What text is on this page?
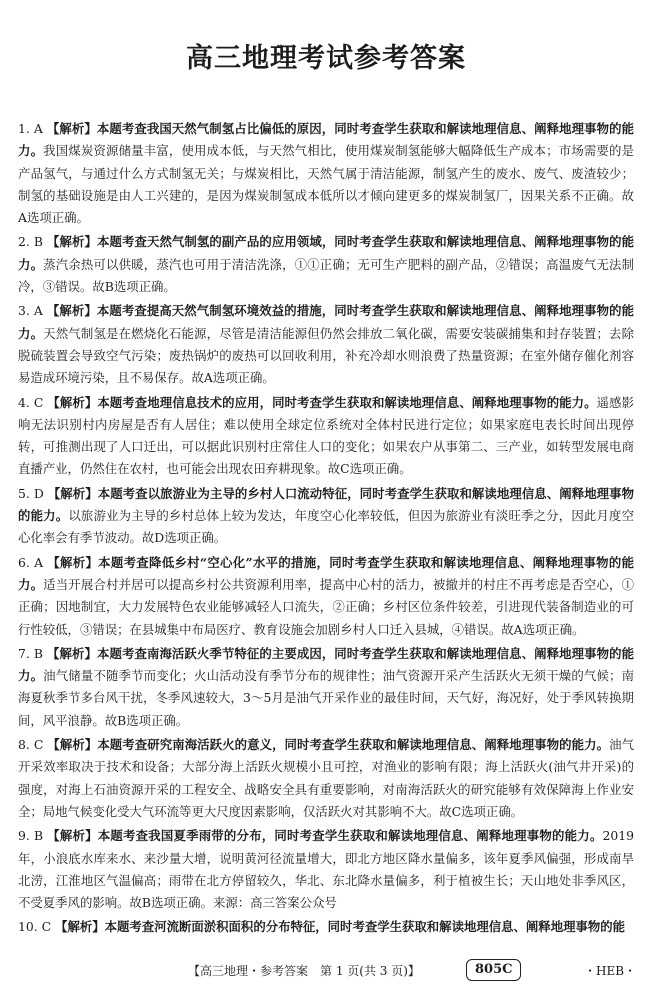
高三地理考试参考答案

1. A 【解析】本题考查我国天然气制氢占比偏低的原因，同时考查学生获取和解读地理信息、阐释地理事物的能力。我国煤炭资源储量丰富，使用成本低，与天然气相比，使用煤炭制氢能够大幅降低生产成本；市场需要的是产品氢气，与通过什么方式制氢无关；与煤炭相比，天然气属于清洁能源，制氢产生的废水、废气、废渣较少；制氢的基础设施是由人工兴建的，是因为煤炭制氢成本低所以才倾向建更多的煤炭制氢厂，因果关系不正确。故A选项正确。

2. B 【解析】本题考查天然气制氢的副产品的应用领域，同时考查学生获取和解读地理信息、阐释地理事物的能力。蒸汽余热可以供暖，蒸汽也可用于清洁洗涤，①①正确；无可生产肥料的副产品，②错误；高温废气无法制冷，③错误。故B选项正确。

3. A 【解析】本题考查提高天然气制氢环境效益的措施，同时考查学生获取和解读地理信息、阐释地理事物的能力。天然气制氢是在燃烧化石能源，尽管是清洁能源但仍然会排放二氧化碳，需要安装碳捕集和封存装置；去除脱硫装置会导致空气污染；废热锅炉的废热可以回收利用，补充冷却水则浪费了热量资源；在室外储存催化剂容易造成环境污染，且不易保存。故A选项正确。

4. C 【解析】本题考查地理信息技术的应用，同时考查学生获取和解读地理信息、阐释地理事物的能力。遥感影响无法识别村内房屋是否有人居住；难以使用全球定位系统对全体村民进行定位；如果家庭电表长时间出现停转，可推测出现了人口迁出，可以据此识别村庄常住人口的变化；如果农户从事第二、三产业，如转型发展电商直播产业，仍然住在农村，也可能会出现农田弃耕现象。故C选项正确。

5. D 【解析】本题考查以旅游业为主导的乡村人口流动特征，同时考查学生获取和解读地理信息、阐释地理事物的能力。以旅游业为主导的乡村总体上较为发达，年度空心化率较低，但因为旅游业有淡旺季之分，因此月度空心化率会有季节波动。故D选项正确。

6. A 【解析】本题考查降低乡村“空心化”水平的措施，同时考查学生获取和解读地理信息、阐释地理事物的能力。适当开展合村并居可以提高乡村公共资源利用率，提高中心村的活力，被撤并的村庄不再考虑是否空心，①正确；因地制宜，大力发展特色农业能够减轻人口流失，②正确；乡村区位条件较差，引进现代装备制造业的可行性较低，③错误；在县城集中布局医疗、教育设施会加剧乡村人口迁入县城，④错误。故A选项正确。

7. B 【解析】本题考查南海活跃火季节特征的主要成因，同时考查学生获取和解读地理信息、阐释地理事物的能力。油气储量不随季节而变化；火山活动没有季节分布的规律性；油气资源开采产生活跃火无须干燥的气候；南海夏秋季节多台风干扰，冬季风速较大，3～5月是油气开采作业的最佳时间，天气好，海况好，处于季风转换期间，风平浪静。故B选项正确。

8. C 【解析】本题考查研究南海活跃火的意义，同时考查学生获取和解读地理信息、阐释地理事物的能力。油气开采效率取决于技术和设备；大部分海上活跃火规模小且可控，对渔业的影响有限；海上活跃火(油气井开采)的强度，对海上石油资源开采的工程安全、战略安全具有重要影响，对南海活跃火的研究能够有效保障海上作业安全；局地气候变化受大气环流等更大尺度因素影响，仅活跃火对其影响不大。故C选项正确。

9. B 【解析】本题考查我国夏季雨带的分布，同时考查学生获取和解读地理信息、阐释地理事物的能力。2019年，小浪底水库来水、来沙量大增，说明黄河径流量增大，即北方地区降水量偏多，该年夏季风偏强，形成南旱北涝，江淮地区气温偏高；雨带在北方停留较久，华北、东北降水量偏多，利于植被生长；天山地处非季风区，不受夏季风的影响。故B选项正确。来源：高三答案公众号

10. C 【解析】本题考查河流断面淤积面积的分布特征，同时考查学生获取和解读地理信息、阐释地理事物的能

【高三地理・参考答案　第 1 页(共 3 页)】	805C	・HEB・
